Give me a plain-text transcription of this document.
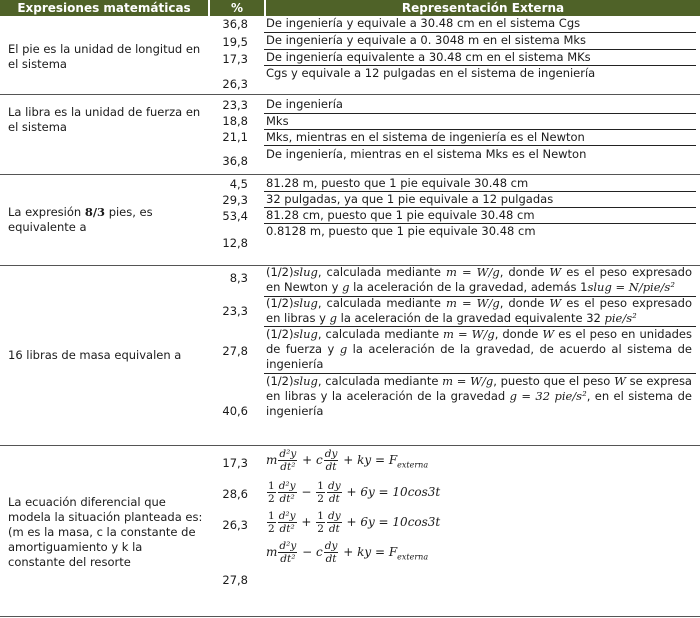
Expresiones matemáticas	%	Representación Externa
El pie es la unidad de longitud en el sistema
36,8
19,5
17,3
26,3
De ingeniería y equivale a 30.48 cm en el sistema Cgs
De ingeniería y equivale a 0. 3048 m en el sistema Mks
De ingeniería equivalente a 30.48 cm en el sistema MKs
Cgs y equivale a 12 pulgadas en el sistema de ingeniería
La libra es la unidad de fuerza en el sistema
23,3
18,8
21,1
36,8
De ingeniería
Mks
Mks, mientras en el sistema de ingeniería es el Newton
De ingeniería, mientras en el sistema Mks es el Newton
La expresión 8/3 pies, es equivalente a
4,5
29,3
53,4
12,8
81.28 m, puesto que 1 pie equivale 30.48 cm
32 pulgadas, ya que 1 pie equivale a 12 pulgadas
81.28 cm, puesto que 1 pie equivale 30.48 cm
0.8128 m, puesto que 1 pie equivale 30.48 cm
16 libras de masa equivalen a
8,3
23,3
27,8
40,6
(1/2)slug, calculada mediante m = W/g, donde W es el peso expresado en Newton y g la aceleración de la gravedad, además 1slug = N/pie/s²
(1/2)slug, calculada mediante m = W/g, donde W es el peso expresado en libras y g la aceleración de la gravedad equivalente 32 pie/s²
(1/2)slug, calculada mediante m = W/g, donde W es el peso en unidades de fuerza y g la aceleración de la gravedad, de acuerdo al sistema de ingeniería
(1/2)slug, calculada mediante m = W/g, puesto que el peso W se expresa en libras y la aceleración de la gravedad g = 32 pie/s², en el sistema de ingeniería
La ecuación diferencial que modela la situación planteada es: (m es la masa, c la constante de amortiguamiento y k la constante del resorte
17,3
28,6
26,3
27,8
m $\frac{\text{d²y}}{\text{dt²}} + c \frac{dy}{dt}$ + ky = $F_{externa}$
$\frac{1}{2} \frac{\text{d²y}}{\text{dt²}} - \frac{1}{2} \frac{dy}{dt} + 6y = 10\cos 3t$
$\frac{1}{2} \frac{\text{d²y}}{\text{dt²}} + \frac{1}{2} \frac{dy}{dt} + 6y = 10\cos 3t$
m $\frac{\text{d²y}}{\text{dt²}} - c \frac{dy}{dt}$ + ky = $F_{externa}$
